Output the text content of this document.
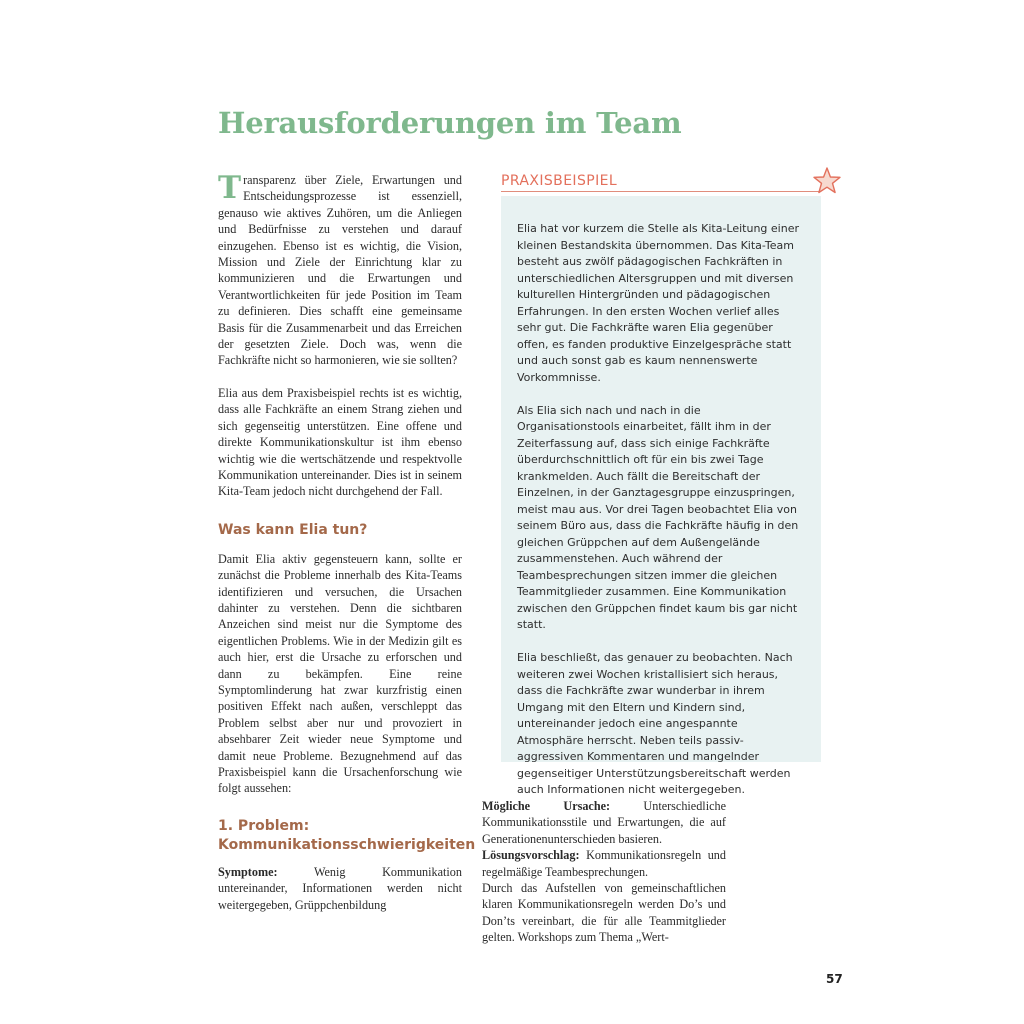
Herausforderungen im Team

Transparenz über Ziele, Erwartungen und Entscheidungsprozesse ist essenziell, genauso wie aktives Zuhören, um die Anliegen und Bedürfnisse zu verstehen und darauf einzugehen. Ebenso ist es wichtig, die Vision, Mission und Ziele der Einrichtung klar zu kommunizieren und die Erwartungen und Verantwortlichkeiten für jede Position im Team zu definieren. Dies schafft eine gemeinsame Basis für die Zusammenarbeit und das Erreichen der gesetzten Ziele. Doch was, wenn die Fachkräfte nicht so harmonieren, wie sie sollten?

Elia aus dem Praxisbeispiel rechts ist es wichtig, dass alle Fachkräfte an einem Strang ziehen und sich gegenseitig unterstützen. Eine offene und direkte Kommunikationskultur ist ihm ebenso wichtig wie die wertschätzende und respektvolle Kommunikation untereinander. Dies ist in seinem Kita-Team jedoch nicht durchgehend der Fall.

Was kann Elia tun?

Damit Elia aktiv gegensteuern kann, sollte er zunächst die Probleme innerhalb des Kita-Teams identifizieren und versuchen, die Ursachen dahinter zu verstehen. Denn die sichtbaren Anzeichen sind meist nur die Symptome des eigentlichen Problems. Wie in der Medizin gilt es auch hier, erst die Ursache zu erforschen und dann zu bekämpfen. Eine reine Symptomlinderung hat zwar kurzfristig einen positiven Effekt nach außen, verschleppt das Problem selbst aber nur und provoziert in absehbarer Zeit wieder neue Symptome und damit neue Probleme. Bezugnehmend auf das Praxisbeispiel kann die Ursachenforschung wie folgt aussehen:

1. Problem: Kommunikationsschwierigkeiten

Symptome: Wenig Kommunikation untereinander, Informationen werden nicht weitergegeben, Grüppchenbildung

PRAXISBEISPIEL

Elia hat vor kurzem die Stelle als Kita-Leitung einer kleinen Bestandskita übernommen. Das Kita-Team besteht aus zwölf pädagogischen Fachkräften in unterschiedlichen Altersgruppen und mit diversen kulturellen Hintergründen und pädagogischen Erfahrungen. In den ersten Wochen verlief alles sehr gut. Die Fachkräfte waren Elia gegenüber offen, es fanden produktive Einzelgespräche statt und auch sonst gab es kaum nennenswerte Vorkommnisse.

Als Elia sich nach und nach in die Organisationstools einarbeitet, fällt ihm in der Zeiterfassung auf, dass sich einige Fachkräfte überdurchschnittlich oft für ein bis zwei Tage krankmelden. Auch fällt die Bereitschaft der Einzelnen, in der Ganztagesgruppe einzuspringen, meist mau aus. Vor drei Tagen beobachtet Elia von seinem Büro aus, dass die Fachkräfte häufig in den gleichen Grüppchen auf dem Außengelände zusammenstehen. Auch während der Teambesprechungen sitzen immer die gleichen Teammitglieder zusammen. Eine Kommunikation zwischen den Grüppchen findet kaum bis gar nicht statt.

Elia beschließt, das genauer zu beobachten. Nach weiteren zwei Wochen kristallisiert sich heraus, dass die Fachkräfte zwar wunderbar in ihrem Umgang mit den Eltern und Kindern sind, untereinander jedoch eine angespannte Atmosphäre herrscht. Neben teils passiv-aggressiven Kommentaren und mangelnder gegenseitiger Unterstützungsbereitschaft werden auch Informationen nicht weitergegeben.

Mögliche Ursache: Unterschiedliche Kommunikationsstile und Erwartungen, die auf Generationenunterschieden basieren.

Lösungsvorschlag: Kommunikationsregeln und regelmäßige Teambesprechungen.

Durch das Aufstellen von gemeinschaftlichen klaren Kommunikationsregeln werden Do’s und Don’ts vereinbart, die für alle Teammitglieder gelten. Workshops zum Thema „Wert-

57
